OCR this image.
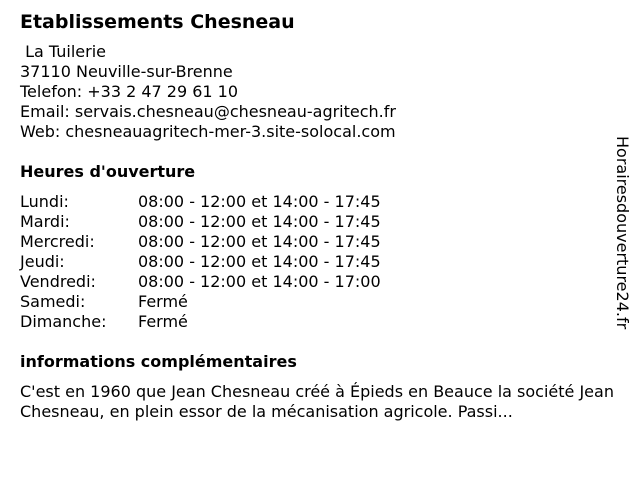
Etablissements Chesneau
La Tuilerie
37110 Neuville-sur-Brenne
Telefon: +33 2 47 29 61 10
Email: servais.chesneau@chesneau-agritech.fr
Web: chesneauagritech-mer-3.site-solocal.com
Heures d'ouverture
Lundi:	08:00 - 12:00 et 14:00 - 17:45
Mardi:	08:00 - 12:00 et 14:00 - 17:45
Mercredi:	08:00 - 12:00 et 14:00 - 17:45
Jeudi:	08:00 - 12:00 et 14:00 - 17:45
Vendredi:	08:00 - 12:00 et 14:00 - 17:00
Samedi:	Fermé
Dimanche:	Fermé
informations complémentaires
C'est en 1960 que Jean Chesneau créé à Épieds en Beauce la société Jean Chesneau, en plein essor de la mécanisation agricole. Passi...
Horairesdouverture24.fr
